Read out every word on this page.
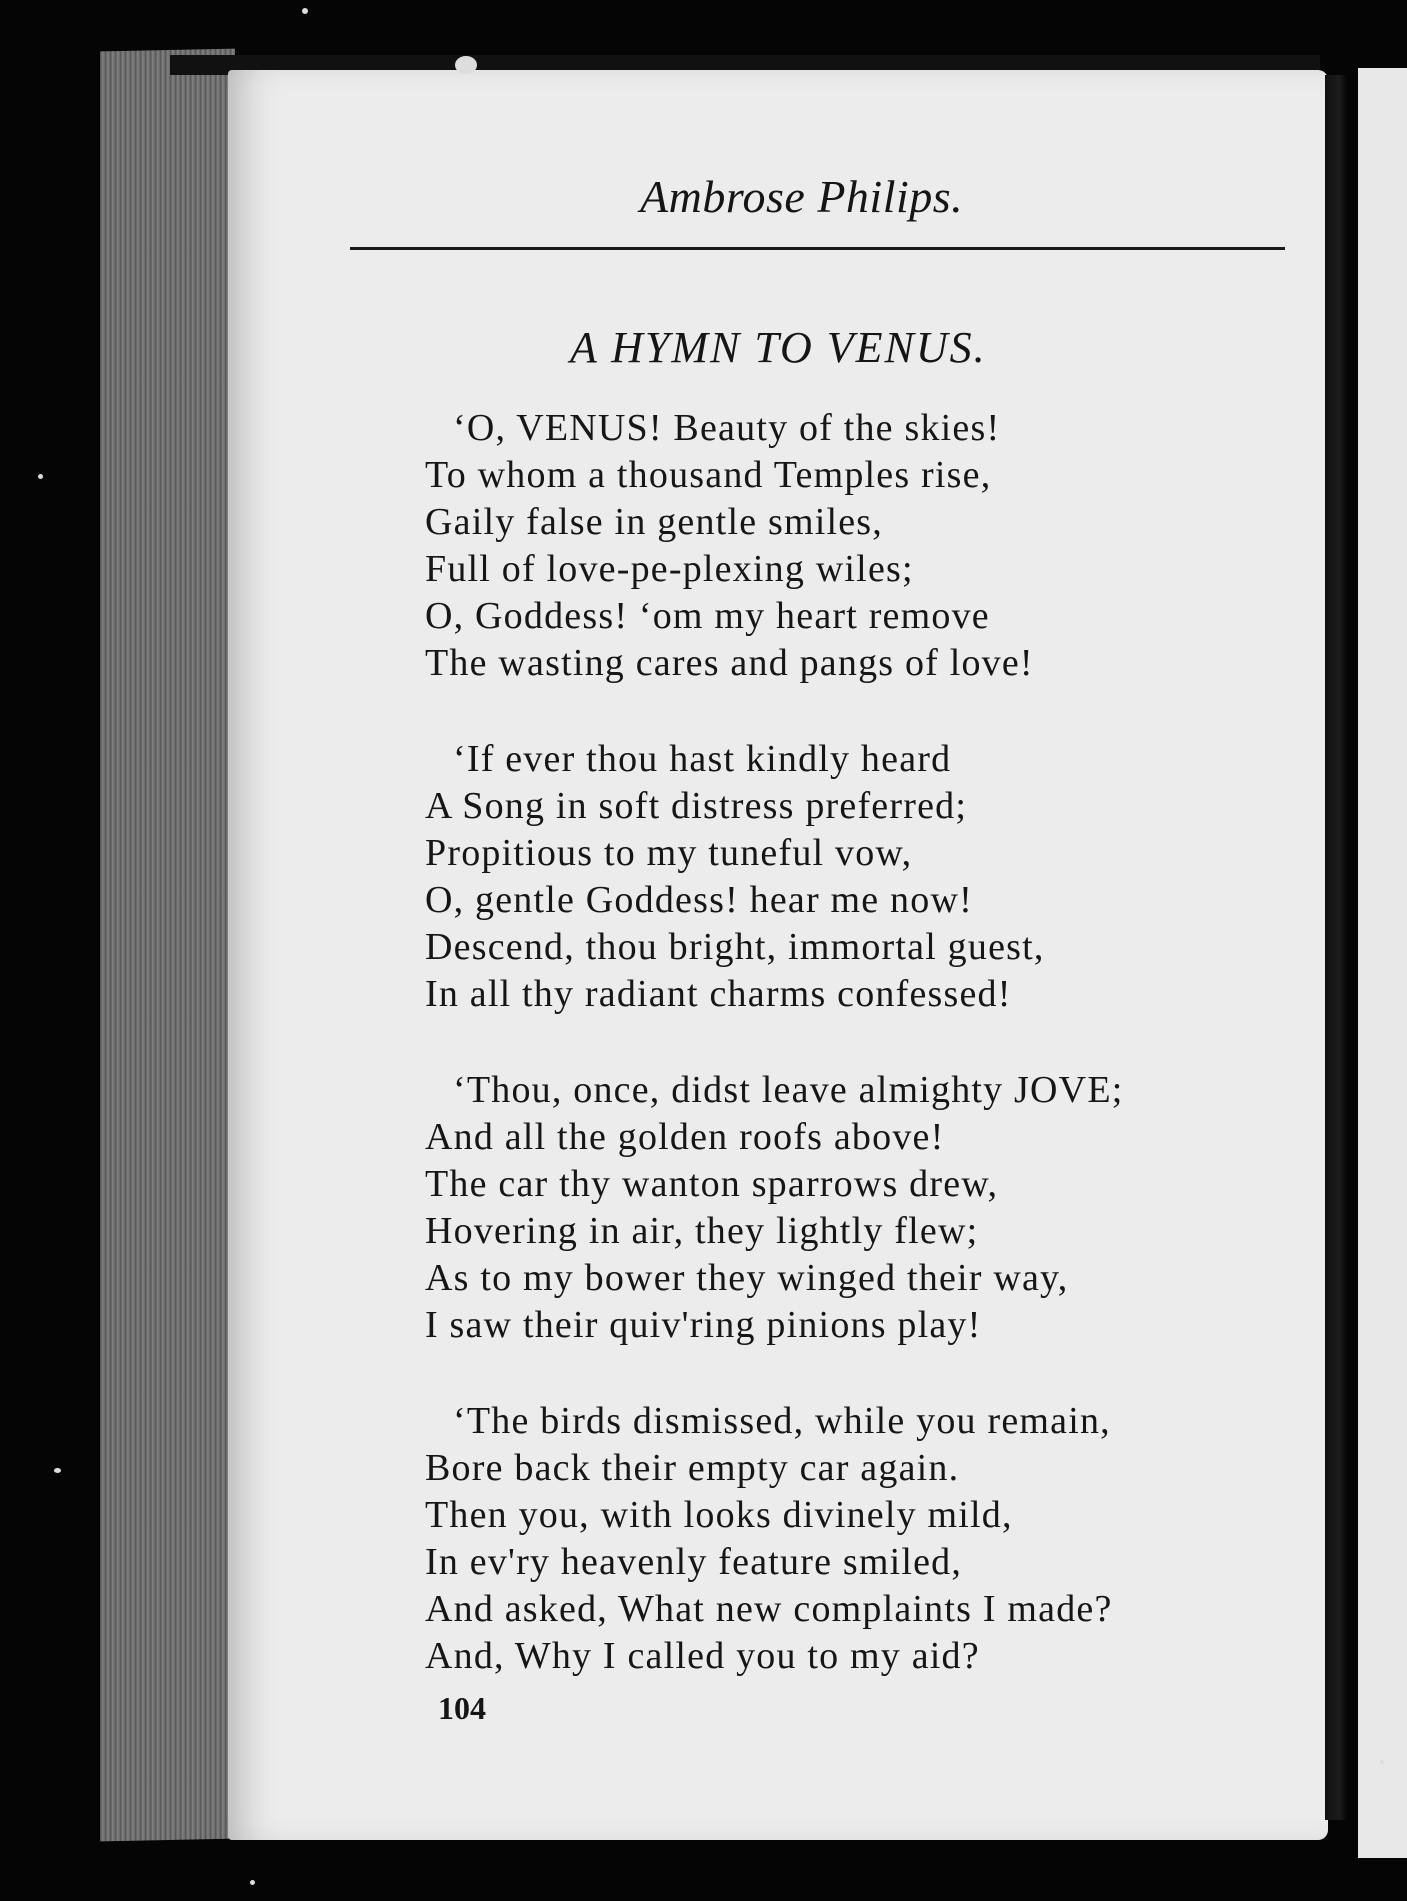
Ambrose Philips.
A HYMN TO VENUS.
‘O, VENUS! Beauty of the skies!
To whom a thousand Temples rise,
Gaily false in gentle smiles,
Full of love-pe‑plexing wiles;
O, Goddess! ‘om my heart remove
The wasting cares and pangs of love!
‘If ever thou hast kindly heard
A Song in soft distress preferred;
Propitious to my tuneful vow,
O, gentle Goddess! hear me now!
Descend, thou bright, immortal guest,
In all thy radiant charms confessed!
‘Thou, once, didst leave almighty JOVE;
And all the golden roofs above!
The car thy wanton sparrows drew,
Hovering in air, they lightly flew;
As to my bower they winged their way,
I saw their quiv'ring pinions play!
‘The birds dismissed, while you remain,
Bore back their empty car again.
Then you, with looks divinely mild,
In ev'ry heavenly feature smiled,
And asked, What new complaints I made?
And, Why I called you to my aid?
104
